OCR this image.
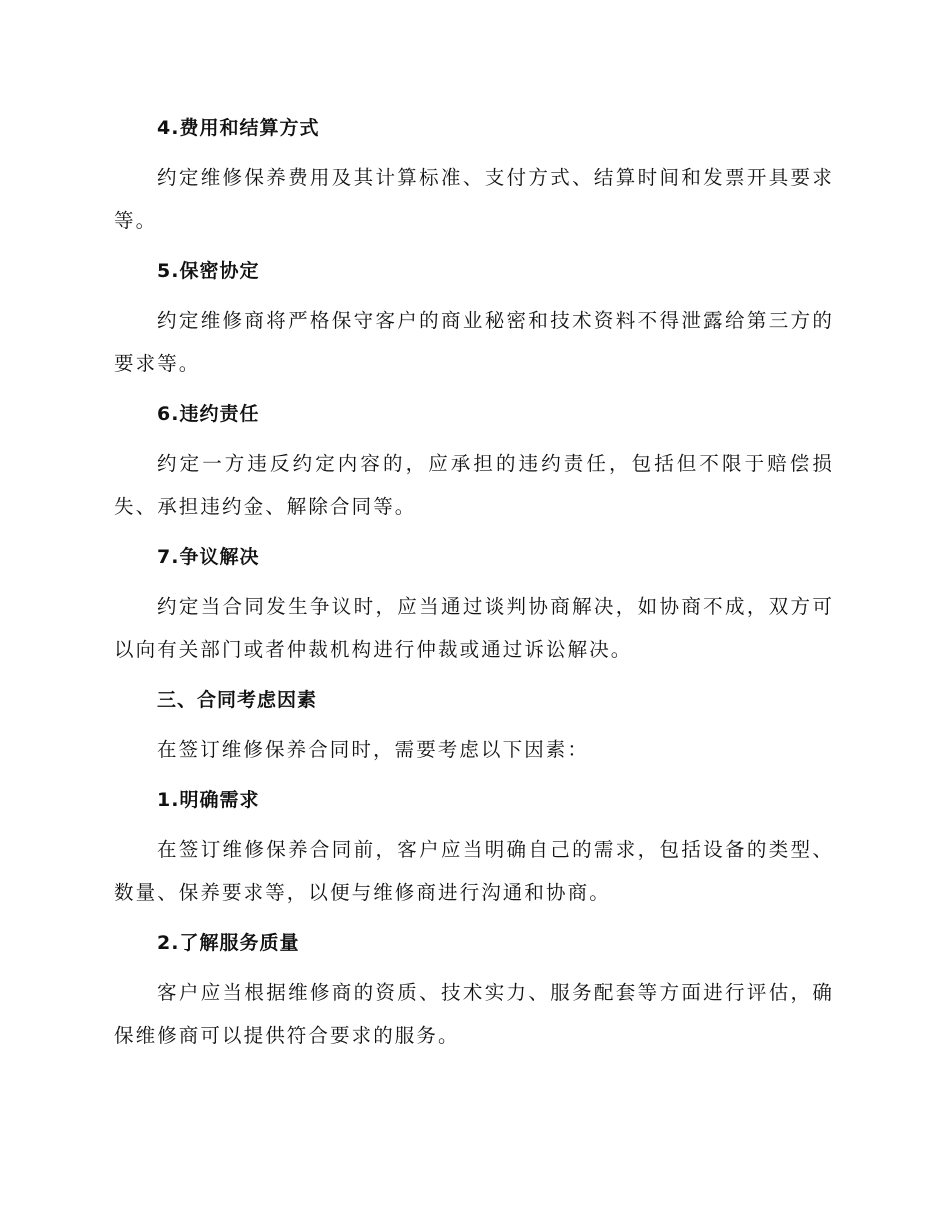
4.费用和结算方式

约定维修保养费用及其计算标准、支付方式、结算时间和发票开具要求等。

5.保密协定

约定维修商将严格保守客户的商业秘密和技术资料不得泄露给第三方的要求等。

6.违约责任

约定一方违反约定内容的，应承担的违约责任，包括但不限于赔偿损失、承担违约金、解除合同等。

7.争议解决

约定当合同发生争议时，应当通过谈判协商解决，如协商不成，双方可以向有关部门或者仲裁机构进行仲裁或通过诉讼解决。

三、合同考虑因素

在签订维修保养合同时，需要考虑以下因素：

1.明确需求

在签订维修保养合同前，客户应当明确自己的需求，包括设备的类型、数量、保养要求等，以便与维修商进行沟通和协商。

2.了解服务质量

客户应当根据维修商的资质、技术实力、服务配套等方面进行评估，确保维修商可以提供符合要求的服务。
